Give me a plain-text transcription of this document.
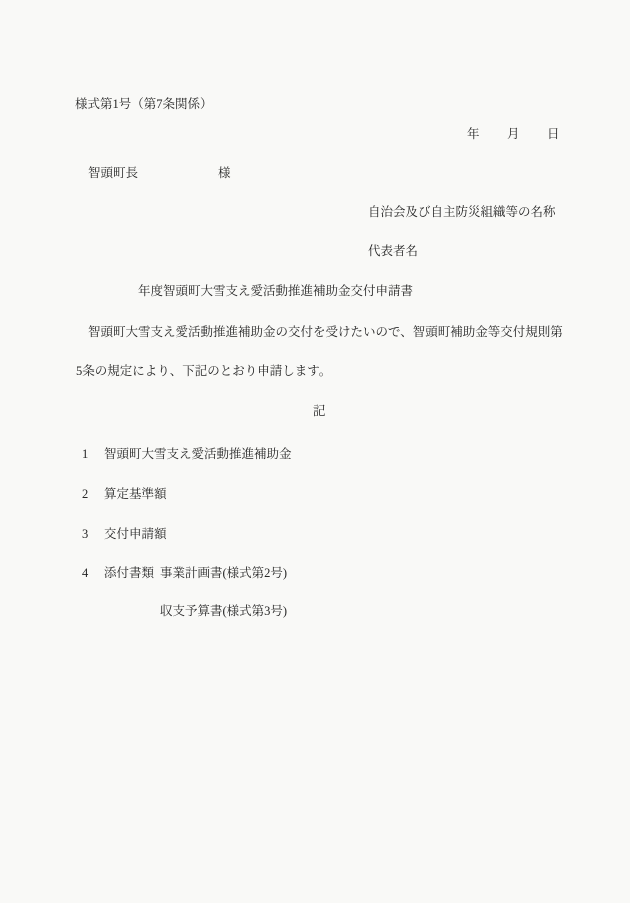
様式第1号（第7条関係）
年 月 日
智頭町長	様
自治会及び自主防災組織等の名称
代表者名
年度智頭町大雪支え愛活動推進補助金交付申請書
智頭町大雪支え愛活動推進補助金の交付を受けたいので、智頭町補助金等交付規則第
5条の規定により、下記のとおり申請します。
記
1 智頭町大雪支え愛活動推進補助金
2 算定基準額
3 交付申請額
4 添付書類 事業計画書(様式第2号)
収支予算書(様式第3号)
